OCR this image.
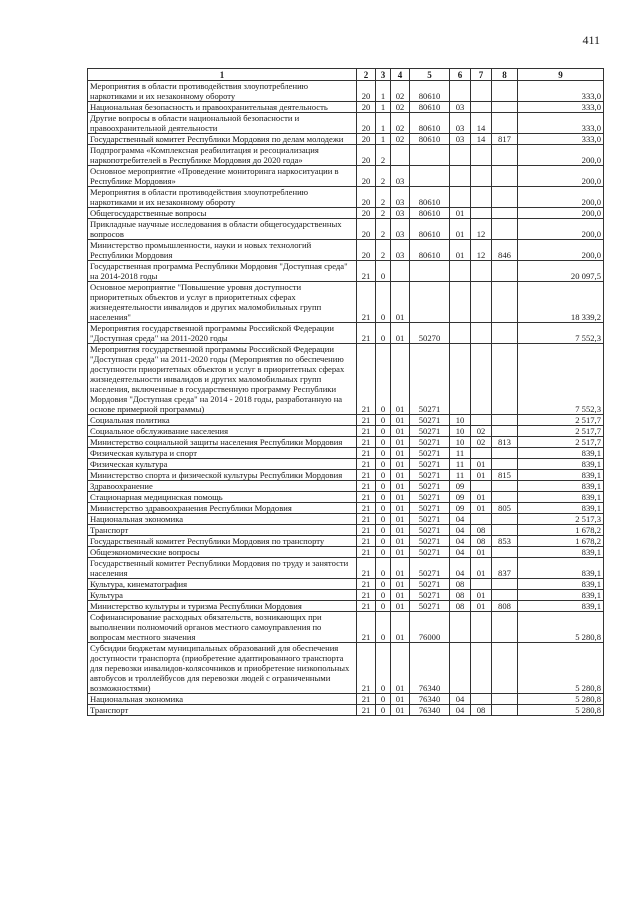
411
1	2	3	4	5	6	7	8	9
Мероприятия в области противодействия злоупотреблению наркотиками и их незаконному обороту	20	1	02	80610				333,0
Национальная безопасность и правоохранительная деятельность	20	1	02	80610	03			333,0
Другие вопросы в области национальной безопасности и правоохранительной деятельности	20	1	02	80610	03	14		333,0
Государственный комитет Республики Мордовия по делам молодежи	20	1	02	80610	03	14	817	333,0
Подпрограмма «Комплексная реабилитация и ресоциализация наркопотребителей в Республике Мордовия до 2020 года»	20	2						200,0
Основное мероприятие «Проведение мониторинга наркоситуации в Республике Мордовия»	20	2	03					200,0
Мероприятия в области противодействия злоупотреблению наркотиками и их незаконному обороту	20	2	03	80610				200,0
Общегосударственные вопросы	20	2	03	80610	01			200,0
Прикладные научные исследования в области общегосударственных вопросов	20	2	03	80610	01	12		200,0
Министерство промышленности, науки и новых технологий Республики Мордовия	20	2	03	80610	01	12	846	200,0
Государственная программа Республики Мордовия "Доступная среда" на 2014-2018 годы	21	0						20 097,5
Основное мероприятие "Повышение уровня доступности приоритетных объектов и услуг в приоритетных сферах жизнедеятельности инвалидов и других маломобильных групп населения"	21	0	01					18 339,2
Мероприятия государственной программы Российской Федерации "Доступная среда" на 2011-2020 годы	21	0	01	50270				7 552,3
Мероприятия государственной программы Российской Федерации "Доступная среда" на 2011-2020 годы (Мероприятия по обеспечению доступности приоритетных объектов и услуг в приоритетных сферах жизнедеятельности инвалидов и других маломобильных групп населения, включенные в государственную программу Республики Мордовия "Доступная среда" на 2014 - 2018 годы, разработанную на основе примерной программы)	21	0	01	50271				7 552,3
Социальная политика	21	0	01	50271	10			2 517,7
Социальное обслуживание населения	21	0	01	50271	10	02		2 517,7
Министерство социальной защиты населения Республики Мордовия	21	0	01	50271	10	02	813	2 517,7
Физическая культура и спорт	21	0	01	50271	11			839,1
Физическая культура	21	0	01	50271	11	01		839,1
Министерство спорта и физической культуры Республики Мордовия	21	0	01	50271	11	01	815	839,1
Здравоохранение	21	0	01	50271	09			839,1
Стационарная медицинская помощь	21	0	01	50271	09	01		839,1
Министерство здравоохранения Республики Мордовия	21	0	01	50271	09	01	805	839,1
Национальная экономика	21	0	01	50271	04			2 517,3
Транспорт	21	0	01	50271	04	08		1 678,2
Государственный комитет Республики Мордовия по транспорту	21	0	01	50271	04	08	853	1 678,2
Общеэкономические вопросы	21	0	01	50271	04	01		839,1
Государственный комитет Республики Мордовия по труду и занятости населения	21	0	01	50271	04	01	837	839,1
Культура, кинематография	21	0	01	50271	08			839,1
Культура	21	0	01	50271	08	01		839,1
Министерство культуры и туризма Республики Мордовия	21	0	01	50271	08	01	808	839,1
Софинансирование расходных обязательств, возникающих при выполнении полномочий органов местного самоуправления по вопросам местного значения	21	0	01	76000				5 280,8
Субсидии бюджетам муниципальных образований для обеспечения доступности транспорта (приобретение адаптированного транспорта для перевозки инвалидов-колясочников и приобретение низкопольных автобусов и троллейбусов для перевозки людей с ограниченными возможностями)	21	0	01	76340				5 280,8
Национальная экономика	21	0	01	76340	04			5 280,8
Транспорт	21	0	01	76340	04	08		5 280,8
